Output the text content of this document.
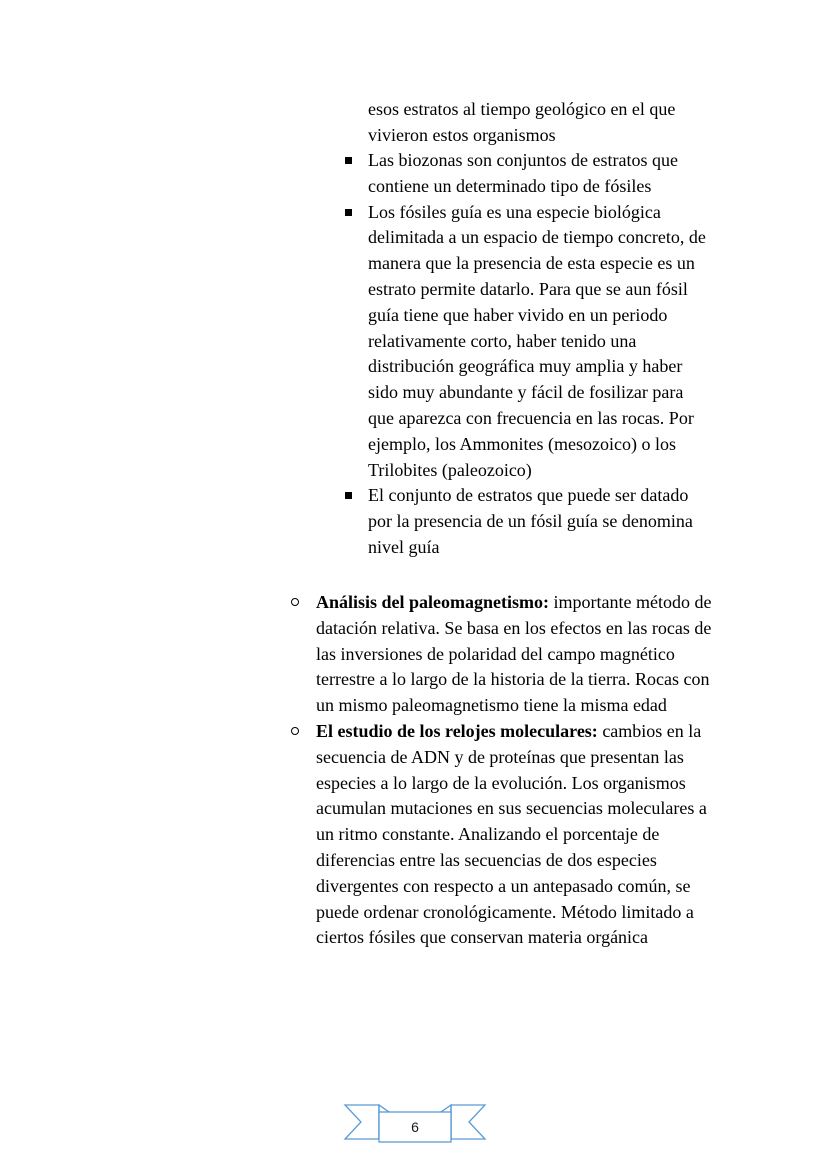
esos estratos al tiempo geológico en el que vivieron estos organismos

Las biozonas son conjuntos de estratos que contiene un determinado tipo de fósiles
Los fósiles guía es una especie biológica delimitada a un espacio de tiempo concreto, de manera que la presencia de esta especie es un estrato permite datarlo. Para que se aun fósil guía tiene que haber vivido en un periodo relativamente corto, haber tenido una distribución geográfica muy amplia y haber sido muy abundante y fácil de fosilizar para que aparezca con frecuencia en las rocas. Por ejemplo, los Ammonites (mesozoico) o los Trilobites (paleozoico)
El conjunto de estratos que puede ser datado por la presencia de un fósil guía se denomina nivel guía
Análisis del paleomagnetismo: importante método de datación relativa. Se basa en los efectos en las rocas de las inversiones de polaridad del campo magnético terrestre a lo largo de la historia de la tierra. Rocas con un mismo paleomagnetismo tiene la misma edad
El estudio de los relojes moleculares: cambios en la secuencia de ADN y de proteínas que presentan las especies a lo largo de la evolución. Los organismos acumulan mutaciones en sus secuencias moleculares a un ritmo constante. Analizando el porcentaje de diferencias entre las secuencias de dos especies divergentes con respecto a un antepasado común, se puede ordenar cronológicamente. Método limitado a ciertos fósiles que conservan materia orgánica
6
